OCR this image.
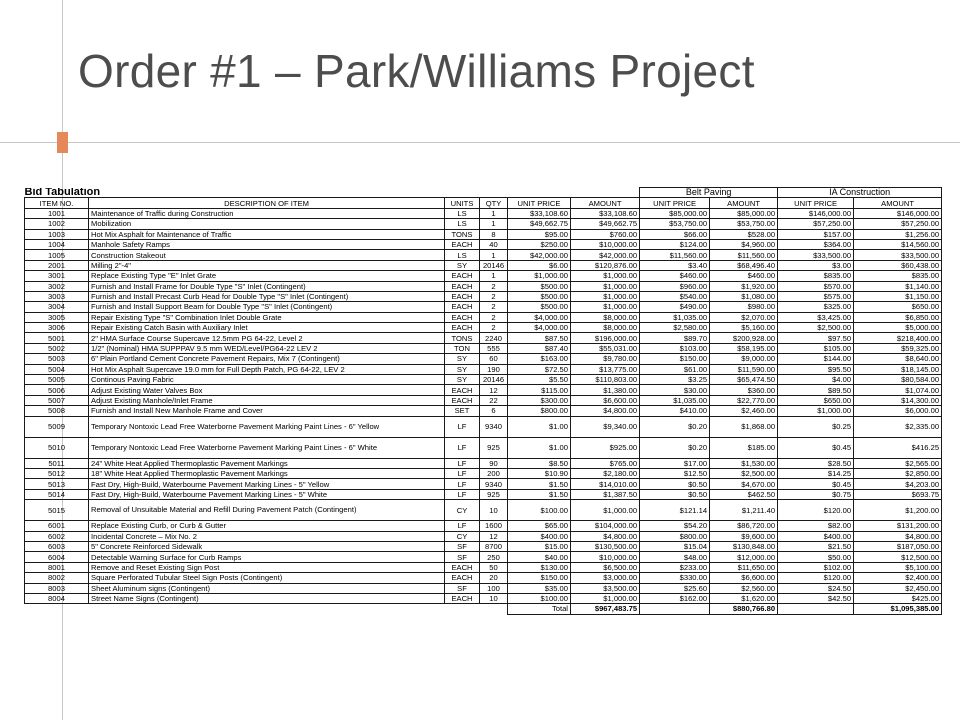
Order #1 – Park/Williams Project
Bid Tabulation						Belt Paving		IA Construction	
ITEM NO.	DESCRIPTION OF ITEM	UNITS	QTY	UNIT PRICE	AMOUNT	UNIT PRICE	AMOUNT	UNIT PRICE	AMOUNT
1001	Maintenance of Traffic during Construction	LS	1	$33,108.60	$33,108.60	$85,000.00	$85,000.00	$146,000.00	$146,000.00
1002	Mobilization	LS	1	$49,662.75	$49,662.75	$53,750.00	$53,750.00	$57,250.00	$57,250.00
1003	Hot Mix Asphalt for Maintenance of Traffic	TONS	8	$95.00	$760.00	$66.00	$528.00	$157.00	$1,256.00
1004	Manhole Safety Ramps	EACH	40	$250.00	$10,000.00	$124.00	$4,960.00	$364.00	$14,560.00
1005	Construction Stakeout	LS	1	$42,000.00	$42,000.00	$11,560.00	$11,560.00	$33,500.00	$33,500.00
2001	Milling 2"-4"	SY	20146	$6.00	$120,876.00	$3.40	$68,496.40	$3.00	$60,438.00
3001	Replace Existing Type "E" Inlet Grate	EACH	1	$1,000.00	$1,000.00	$460.00	$460.00	$835.00	$835.00
3002	Furnish and Install Frame for Double Type "S" Inlet (Contingent)	EACH	2	$500.00	$1,000.00	$960.00	$1,920.00	$570.00	$1,140.00
3003	Furnish and Install Precast Curb Head for Double Type "S" Inlet (Contingent)	EACH	2	$500.00	$1,000.00	$540.00	$1,080.00	$575.00	$1,150.00
3004	Furnish and Install Support Beam for Double Type "S" Inlet (Contingent)	EACH	2	$500.00	$1,000.00	$490.00	$980.00	$325.00	$650.00
3005	Repair Existing Type "S" Combination Inlet Double Grate	EACH	2	$4,000.00	$8,000.00	$1,035.00	$2,070.00	$3,425.00	$6,850.00
3006	Repair Existing Catch Basin with Auxiliary Inlet	EACH	2	$4,000.00	$8,000.00	$2,580.00	$5,160.00	$2,500.00	$5,000.00
5001	2" HMA Surface Course Supercave 12.5mm PG 64-22, Level 2	TONS	2240	$87.50	$196,000.00	$89.70	$200,928.00	$97.50	$218,400.00
5002	1/2" (Nominal) HMA SUPPPAV 9.5 mm WED/Level/PG64-22 LEV 2	TON	555	$87.40	$55,031.00	$103.00	$58,195.00	$105.00	$59,325.00
5003	6" Plain Portland Cement Concrete Pavement Repairs, Mix 7 (Contingent)	SY	60	$163.00	$9,780.00	$150.00	$9,000.00	$144.00	$8,640.00
5004	Hot Mix Asphalt Supercave 19.0 mm for Full Depth Patch, PG 64-22, LEV 2	SY	190	$72.50	$13,775.00	$61.00	$11,590.00	$95.50	$18,145.00
5005	Continous Paving Fabric	SY	20146	$5.50	$110,803.00	$3.25	$65,474.50	$4.00	$80,584.00
5006	Adjust Existing Water Valves Box	EACH	12	$115.00	$1,380.00	$30.00	$360.00	$89.50	$1,074.00
5007	Adjust Existing Manhole/Inlet Frame	EACH	22	$300.00	$6,600.00	$1,035.00	$22,770.00	$650.00	$14,300.00
5008	Furnish and Install New Manhole Frame and Cover	SET	6	$800.00	$4,800.00	$410.00	$2,460.00	$1,000.00	$6,000.00
5009	Temporary Nontoxic Lead Free Waterborne Pavement Marking Paint Lines - 6" Yellow	LF	9340	$1.00	$9,340.00	$0.20	$1,868.00	$0.25	$2,335.00
5010	Temporary Nontoxic Lead Free Waterborne Pavement Marking Paint Lines - 6" White	LF	925	$1.00	$925.00	$0.20	$185.00	$0.45	$416.25
5011	24" White Heat Applied Thermoplastic Pavement Markings	LF	90	$8.50	$765.00	$17.00	$1,530.00	$28.50	$2,565.00
5012	18" White Heat Applied Thermoplastic Pavement Markings	LF	200	$10.90	$2,180.00	$12.50	$2,500.00	$14.25	$2,850.00
5013	Fast Dry, High-Build, Waterbourne Pavement Marking Lines - 5" Yellow	LF	9340	$1.50	$14,010.00	$0.50	$4,670.00	$0.45	$4,203.00
5014	Fast Dry, High-Build, Waterbourne Pavement Marking Lines - 5" White	LF	925	$1.50	$1,387.50	$0.50	$462.50	$0.75	$693.75
5015	Removal of Unsuitable Material and Refill During Pavement Patch (Contingent)	CY	10	$100.00	$1,000.00	$121.14	$1,211.40	$120.00	$1,200.00
6001	Replace Existing Curb, or Curb & Gutter	LF	1600	$65.00	$104,000.00	$54.20	$86,720.00	$82.00	$131,200.00
6002	Incidental Concrete – Mix No. 2	CY	12	$400.00	$4,800.00	$800.00	$9,600.00	$400.00	$4,800.00
6003	5" Concrete Reinforced Sidewalk	SF	8700	$15.00	$130,500.00	$15.04	$130,848.00	$21.50	$187,050.00
6004	Detectable Warning Surface for Curb Ramps	SF	250	$40.00	$10,000.00	$48.00	$12,000.00	$50.00	$12,500.00
8001	Remove and Reset Existing Sign Post	EACH	50	$130.00	$6,500.00	$233.00	$11,650.00	$102.00	$5,100.00
8002	Square Perforated Tubular Steel Sign Posts (Contingent)	EACH	20	$150.00	$3,000.00	$330.00	$6,600.00	$120.00	$2,400.00
8003	Sheet Aluminum signs (Contingent)	SF	100	$35.00	$3,500.00	$25.60	$2,560.00	$24.50	$2,450.00
8004	Street Name Signs (Contingent)	EACH	10	$100.00	$1,000.00	$162.00	$1,620.00	$42.50	$425.00
				Total	$967,483.75		$880,766.80		$1,095,385.00
